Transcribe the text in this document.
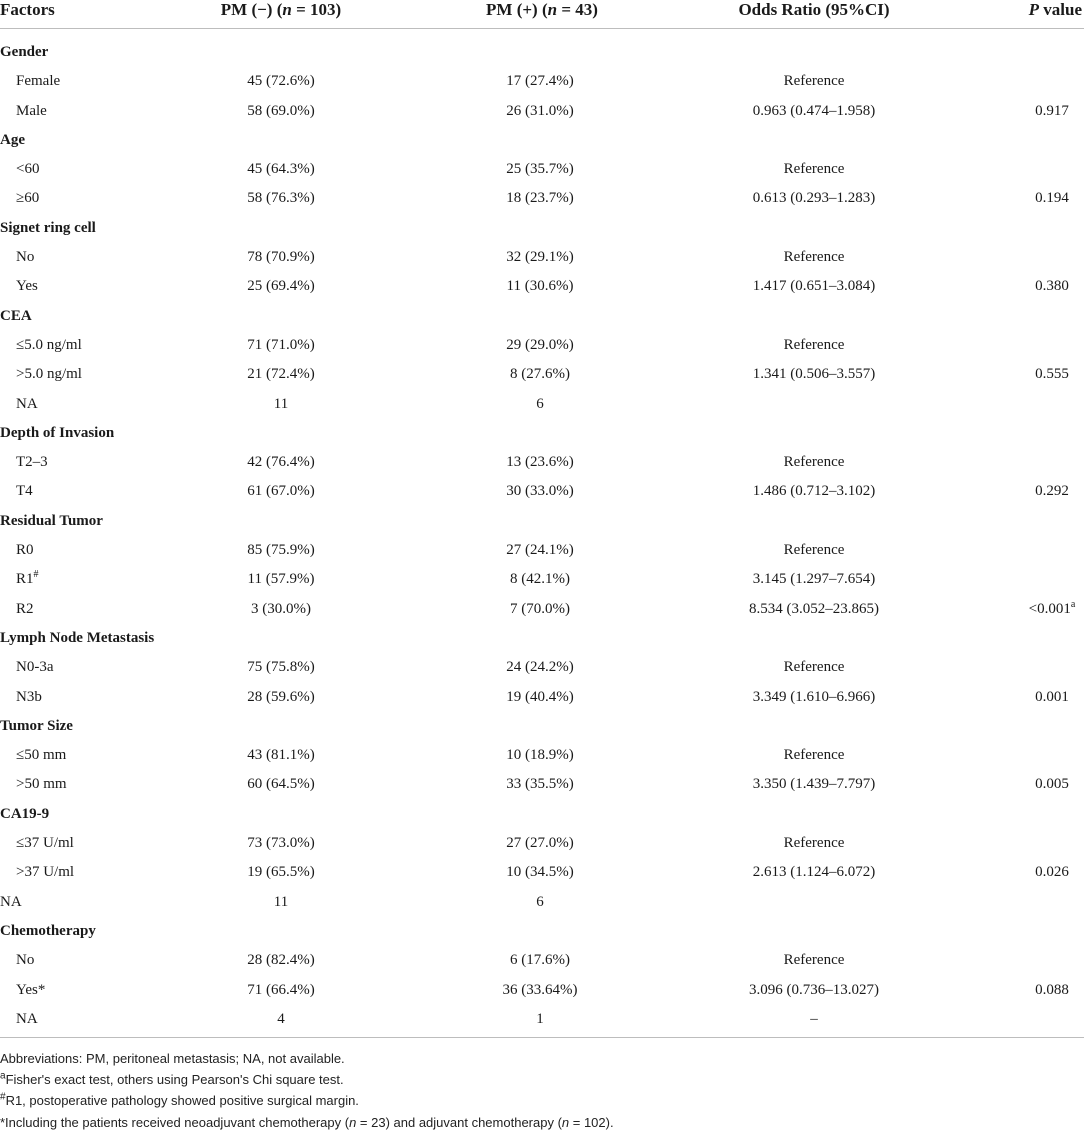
Factors	PM (−) (n = 103)	PM (+) (n = 43)	Odds Ratio (95%CI)	P value
Gender
Female	45 (72.6%)	17 (27.4%)	Reference
Male	58 (69.0%)	26 (31.0%)	0.963 (0.474–1.958)	0.917
Age
<60	45 (64.3%)	25 (35.7%)	Reference
≥60	58 (76.3%)	18 (23.7%)	0.613 (0.293–1.283)	0.194
Signet ring cell
No	78 (70.9%)	32 (29.1%)	Reference
Yes	25 (69.4%)	11 (30.6%)	1.417 (0.651–3.084)	0.380
CEA
≤5.0 ng/ml	71 (71.0%)	29 (29.0%)	Reference
>5.0 ng/ml	21 (72.4%)	8 (27.6%)	1.341 (0.506–3.557)	0.555
NA	11	6
Depth of Invasion
T2–3	42 (76.4%)	13 (23.6%)	Reference
T4	61 (67.0%)	30 (33.0%)	1.486 (0.712–3.102)	0.292
Residual Tumor
R0	85 (75.9%)	27 (24.1%)	Reference
R1#	11 (57.9%)	8 (42.1%)	3.145 (1.297–7.654)
R2	3 (30.0%)	7 (70.0%)	8.534 (3.052–23.865)	<0.001$^a$
Lymph Node Metastasis
N0-3a	75 (75.8%)	24 (24.2%)	Reference
N3b	28 (59.6%)	19 (40.4%)	3.349 (1.610–6.966)	0.001
Tumor Size
≤50 mm	43 (81.1%)	10 (18.9%)	Reference
>50 mm	60 (64.5%)	33 (35.5%)	3.350 (1.439–7.797)	0.005
CA19-9
≤37 U/ml	73 (73.0%)	27 (27.0%)	Reference
>37 U/ml	19 (65.5%)	10 (34.5%)	2.613 (1.124–6.072)	0.026
NA	11	6
Chemotherapy
No	28 (82.4%)	6 (17.6%)	Reference
Yes*	71 (66.4%)	36 (33.64%)	3.096 (0.736–13.027)	0.088
NA	4	1	–
Abbreviations: PM, peritoneal metastasis; NA, not available.
$^a$Fisher's exact test, others using Pearson's Chi square test.
#R1, postoperative pathology showed positive surgical margin.
*Including the patients received neoadjuvant chemotherapy (n = 23) and adjuvant chemotherapy (n = 102).
